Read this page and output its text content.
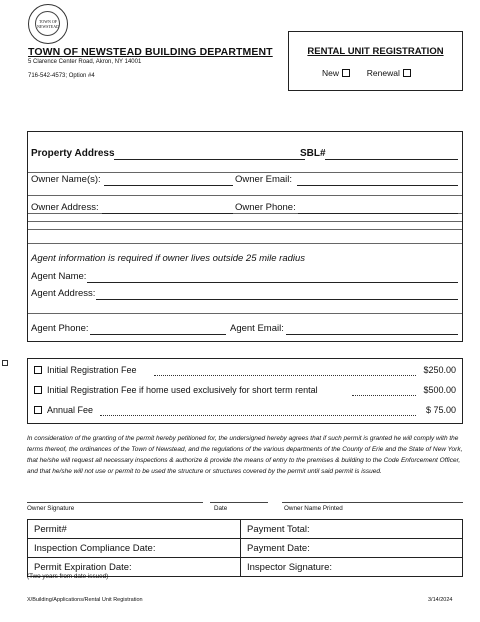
TOWN OF NEWSTEAD
TOWN OF NEWSTEAD BUILDING DEPARTMENT
5 Clarence Center Road, Akron, NY 14001
716-542-4573; Option #4
RENTAL UNIT REGISTRATION
New	Renewal
Property Address	SBL#
Owner Name(s):	Owner Email:
Owner Address:	Owner Phone:
Agent information is required if owner lives outside 25 mile radius
Agent Name:
Agent Address:
Agent Phone:	Agent Email:
Initial Registration Fee	$250.00
Initial Registration Fee if home used exclusively for short term rental	$500.00
Annual Fee	$ 75.00
In consideration of the granting of the permit hereby petitioned for, the undersigned hereby agrees that if such permit is granted he will comply with the terms thereof, the ordinances of the Town of Newstead, and the regulations of the various departments of the County of Erie and the State of New York, that he/she will request all necessary inspections & authorize & provide the means of entry to the premises & building to the Code Enforcement Officer, and that he/she will not use or permit to be used the structure or structures covered by the permit until said permit is issued.
Owner Signature	Date	Owner Name Printed
Permit#	Payment Total:
Inspection Compliance Date:	Payment Date:
Permit Expiration Date:	Inspector Signature:
(Two years from date issued)
X/Building/Applications/Rental Unit Registration	3/14/2024
